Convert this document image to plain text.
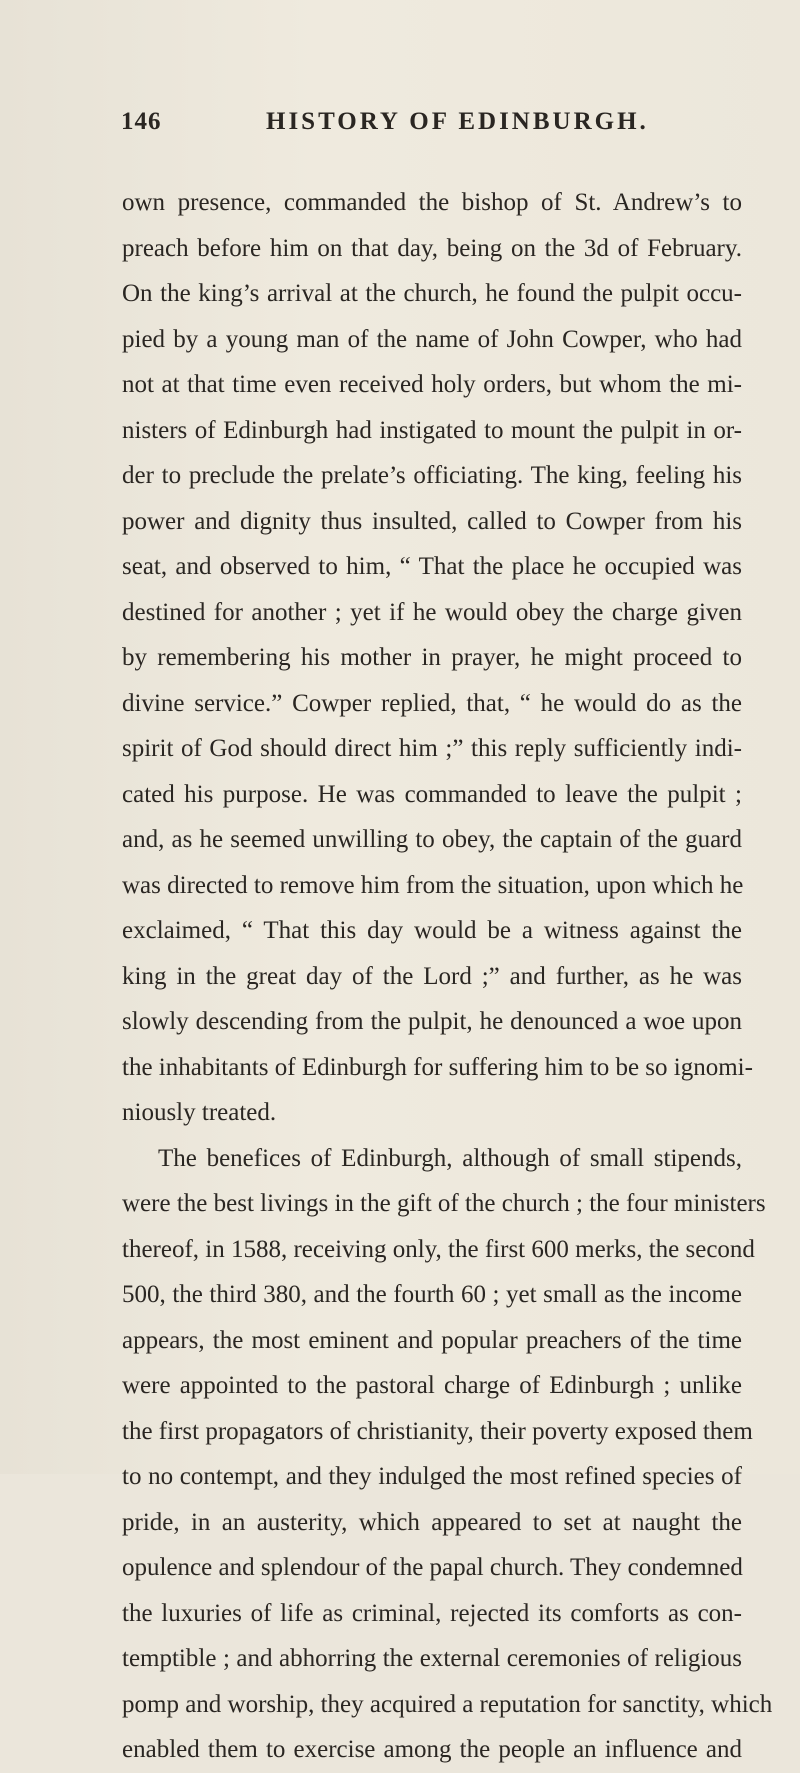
146	HISTORY OF EDINBURGH.
own presence, commanded the bishop of St. Andrew’s to
preach before him on that day, being on the 3d of February.
On the king’s arrival at the church, he found the pulpit occu-
pied by a young man of the name of John Cowper, who had
not at that time even received holy orders, but whom the mi-
nisters of Edinburgh had instigated to mount the pulpit in or-
der to preclude the prelate’s officiating. The king, feeling his
power and dignity thus insulted, called to Cowper from his
seat, and observed to him, “ That the place he occupied was
destined for another ; yet if he would obey the charge given
by remembering his mother in prayer, he might proceed to
divine service.” Cowper replied, that, “ he would do as the
spirit of God should direct him ;” this reply sufficiently indi-
cated his purpose. He was commanded to leave the pulpit ;
and, as he seemed unwilling to obey, the captain of the guard
was directed to remove him from the situation, upon which he
exclaimed, “ That this day would be a witness against the
king in the great day of the Lord ;” and further, as he was
slowly descending from the pulpit, he denounced a woe upon
the inhabitants of Edinburgh for suffering him to be so ignomi-
niously treated.
The benefices of Edinburgh, although of small stipends,
were the best livings in the gift of the church ; the four ministers
thereof, in 1588, receiving only, the first 600 merks, the second
500, the third 380, and the fourth 60 ; yet small as the income
appears, the most eminent and popular preachers of the time
were appointed to the pastoral charge of Edinburgh ; unlike
the first propagators of christianity, their poverty exposed them
to no contempt, and they indulged the most refined species of
pride, in an austerity, which appeared to set at naught the
opulence and splendour of the papal church. They condemned
the luxuries of life as criminal, rejected its comforts as con-
temptible ; and abhorring the external ceremonies of religious
pomp and worship, they acquired a reputation for sanctity, which
enabled them to exercise among the people an influence and
